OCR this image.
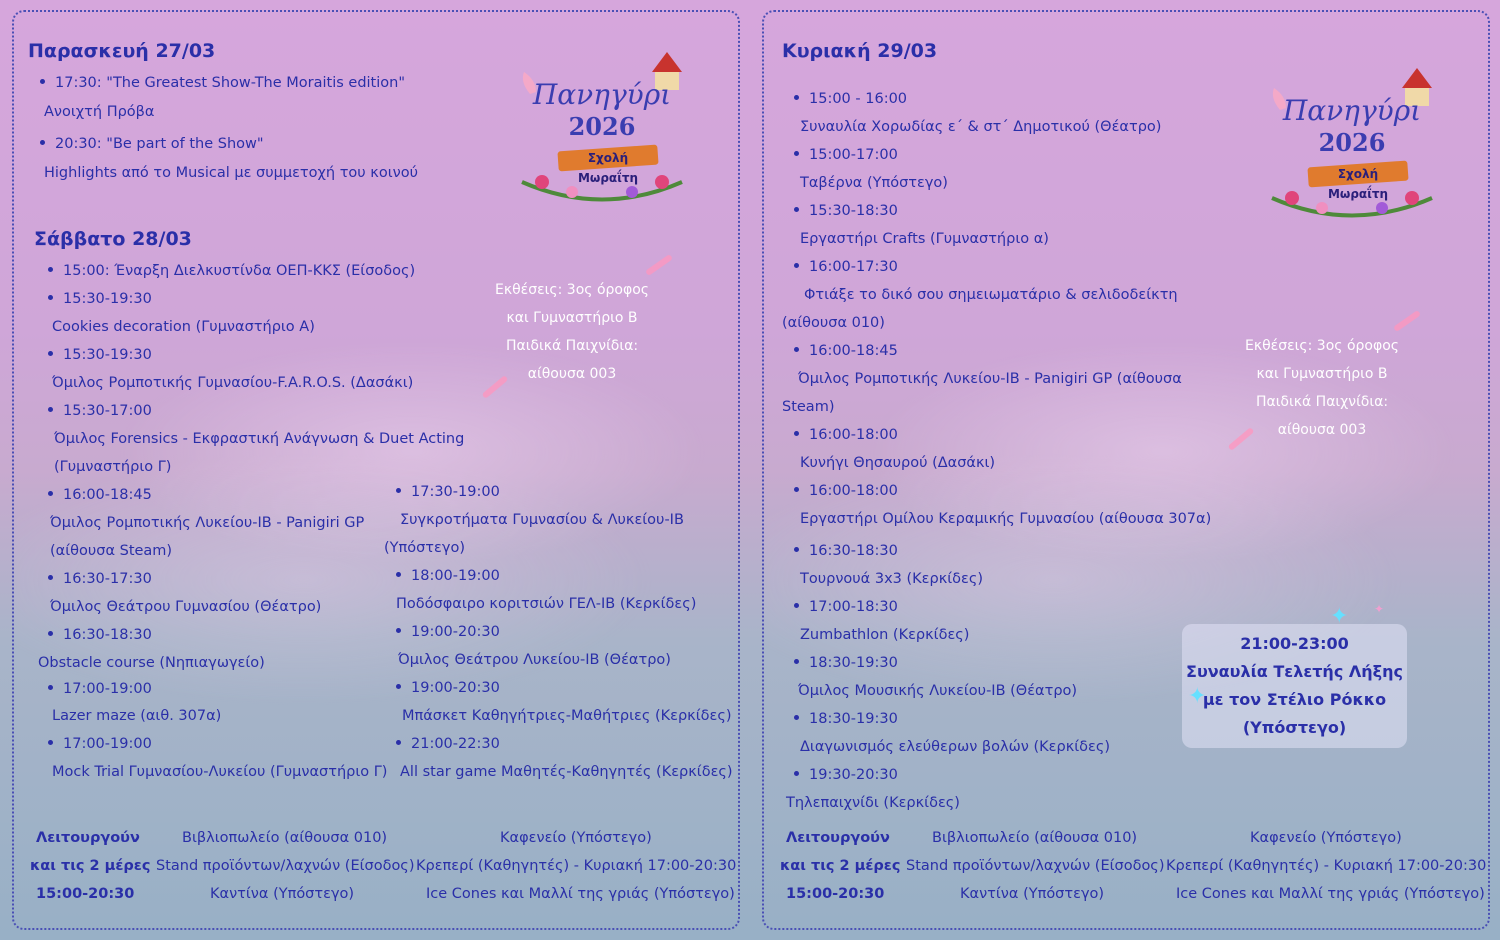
Παρασκευή 27/03
17:30: "The Greatest Show-The Moraitis edition"
Ανοιχτή Πρόβα
20:30: "Be part of the Show"
Highlights από το Musical με συμμετοχή του κοινού
Σάββατο 28/03
15:00: Έναρξη Διελκυστίνδα ΟΕΠ-ΚΚΣ (Είσοδος)
15:30-19:30
Cookies decoration (Γυμναστήριο Α)
15:30-19:30
Όμιλος Ρομποτικής Γυμνασίου-F.A.R.O.S. (Δασάκι)
15:30-17:00
Όμιλος Forensics - Εκφραστική Ανάγνωση & Duet Acting
(Γυμναστήριο Γ)
16:00-18:45
Όμιλος Ρομποτικής Λυκείου-ΙΒ - Panigiri GP
(αίθουσα Steam)
16:30-17:30
Όμιλος Θεάτρου Γυμνασίου (Θέατρο)
16:30-18:30
Obstacle course (Νηπιαγωγείο)
17:00-19:00
Lazer maze (αιθ. 307α)
17:00-19:00
Mock Trial Γυμνασίου-Λυκείου (Γυμναστήριο Γ)
17:30-19:00
Συγκροτήματα Γυμνασίου & Λυκείου-ΙΒ
(Υπόστεγο)
18:00-19:00
Ποδόσφαιρο κοριτσιών ΓΕΛ-ΙΒ (Κερκίδες)
19:00-20:30
Όμιλος Θεάτρου Λυκείου-ΙΒ (Θέατρο)
19:00-20:30
Μπάσκετ Καθηγήτριες-Μαθήτριες (Κερκίδες)
21:00-22:30
All star game Μαθητές-Καθηγητές (Κερκίδες)
Πανηγύρι
2026
Σχολή Μωραΐτη
Εκθέσεις: 3ος όροφος
και Γυμναστήριο Β
Παιδικά Παιχνίδια:
αίθουσα 003
Λειτουργούν
και τις 2 μέρες
15:00-20:30
Βιβλιοπωλείο (αίθουσα 010)
Stand προϊόντων/λαχνών (Είσοδος)
Καντίνα (Υπόστεγο)
Καφενείο (Υπόστεγο)
Κρεπερί (Καθηγητές) - Κυριακή 17:00-20:30
Ice Cones και Μαλλί της γριάς (Υπόστεγο)
Κυριακή 29/03
15:00 - 16:00
Συναυλία Χορωδίας ε΄ & στ΄ Δημοτικού (Θέατρο)
15:00-17:00
Ταβέρνα (Υπόστεγο)
15:30-18:30
Εργαστήρι Crafts (Γυμναστήριο α)
16:00-17:30
Φτιάξε το δικό σου σημειωματάριο & σελιδοδείκτη
(αίθουσα 010)
16:00-18:45
Όμιλος Ρομποτικής Λυκείου-ΙΒ - Panigiri GP (αίθουσα
Steam)
16:00-18:00
Κυνήγι Θησαυρού (Δασάκι)
16:00-18:00
Εργαστήρι Ομίλου Κεραμικής Γυμνασίου (αίθουσα 307α)
16:30-18:30
Τουρνουά 3x3 (Κερκίδες)
17:00-18:30
Zumbathlon (Κερκίδες)
18:30-19:30
Όμιλος Μουσικής Λυκείου-ΙΒ (Θέατρο)
18:30-19:30
Διαγωνισμός ελεύθερων βολών (Κερκίδες)
19:30-20:30
Τηλεπαιχνίδι (Κερκίδες)
Πανηγύρι
2026
Σχολή Μωραΐτη
Εκθέσεις: 3ος όροφος
και Γυμναστήριο Β
Παιδικά Παιχνίδια:
αίθουσα 003
21:00-23:00
Συναυλία Τελετής Λήξης
με τον Στέλιο Ρόκκο
(Υπόστεγο)
✦ ✦
✦
Λειτουργούν
και τις 2 μέρες
15:00-20:30
Βιβλιοπωλείο (αίθουσα 010)
Stand προϊόντων/λαχνών (Είσοδος)
Καντίνα (Υπόστεγο)
Καφενείο (Υπόστεγο)
Κρεπερί (Καθηγητές) - Κυριακή 17:00-20:30
Ice Cones και Μαλλί της γριάς (Υπόστεγο)
